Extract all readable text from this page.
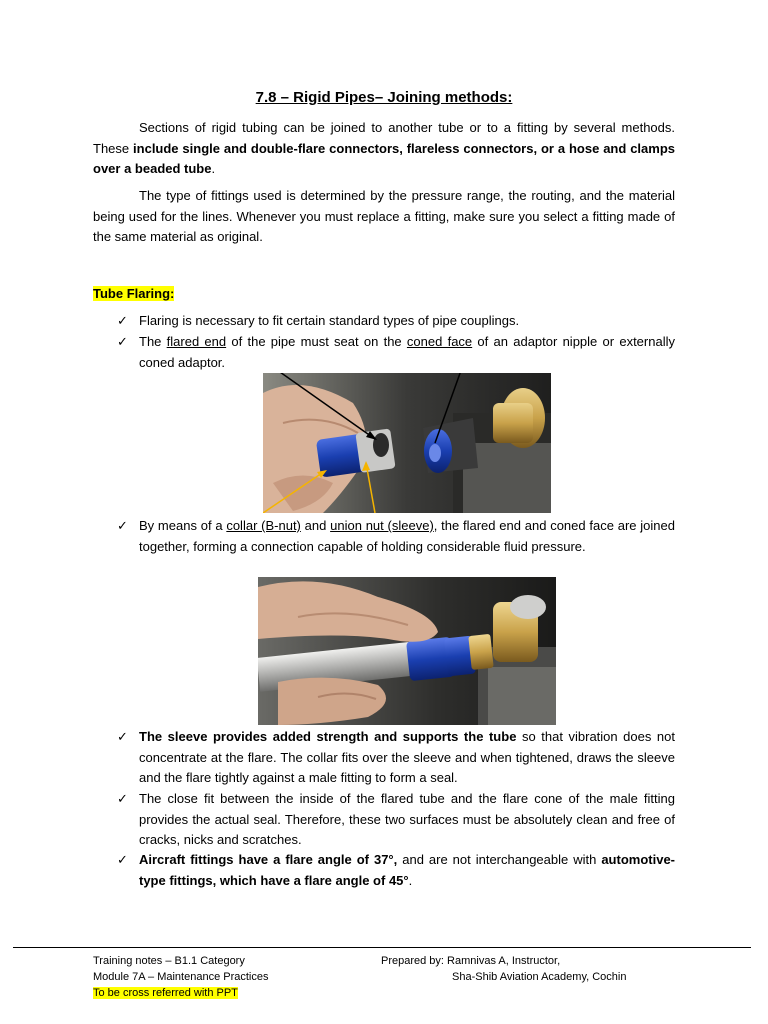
7.8 – Rigid Pipes– Joining methods:
Sections of rigid tubing can be joined to another tube or to a fitting by several methods. These include single and double-flare connectors, flareless connectors, or a hose and clamps over a beaded tube.
The type of fittings used is determined by the pressure range, the routing, and the material being used for the lines. Whenever you must replace a fitting, make sure you select a fitting made of the same material as original.
Tube Flaring:
✓ Flaring is necessary to fit certain standard types of pipe couplings.
✓ The flared end of the pipe must seat on the coned face of an adaptor nipple or externally coned adaptor.
✓ By means of a collar (B-nut) and union nut (sleeve), the flared end and coned face are joined together, forming a connection capable of holding considerable fluid pressure.
✓ The sleeve provides added strength and supports the tube so that vibration does not concentrate at the flare. The collar fits over the sleeve and when tightened, draws the sleeve and the flare tightly against a male fitting to form a seal.
✓ The close fit between the inside of the flared tube and the flare cone of the male fitting provides the actual seal. Therefore, these two surfaces must be absolutely clean and free of cracks, nicks and scratches.
✓ Aircraft fittings have a flare angle of 37°, and are not interchangeable with automotive-type fittings, which have a flare angle of 45°.
Training notes – B1.1 Category
Module 7A – Maintenance Practices
To be cross referred with PPT
Prepared by: Ramnivas A, Instructor,
Sha-Shib Aviation Academy, Cochin
